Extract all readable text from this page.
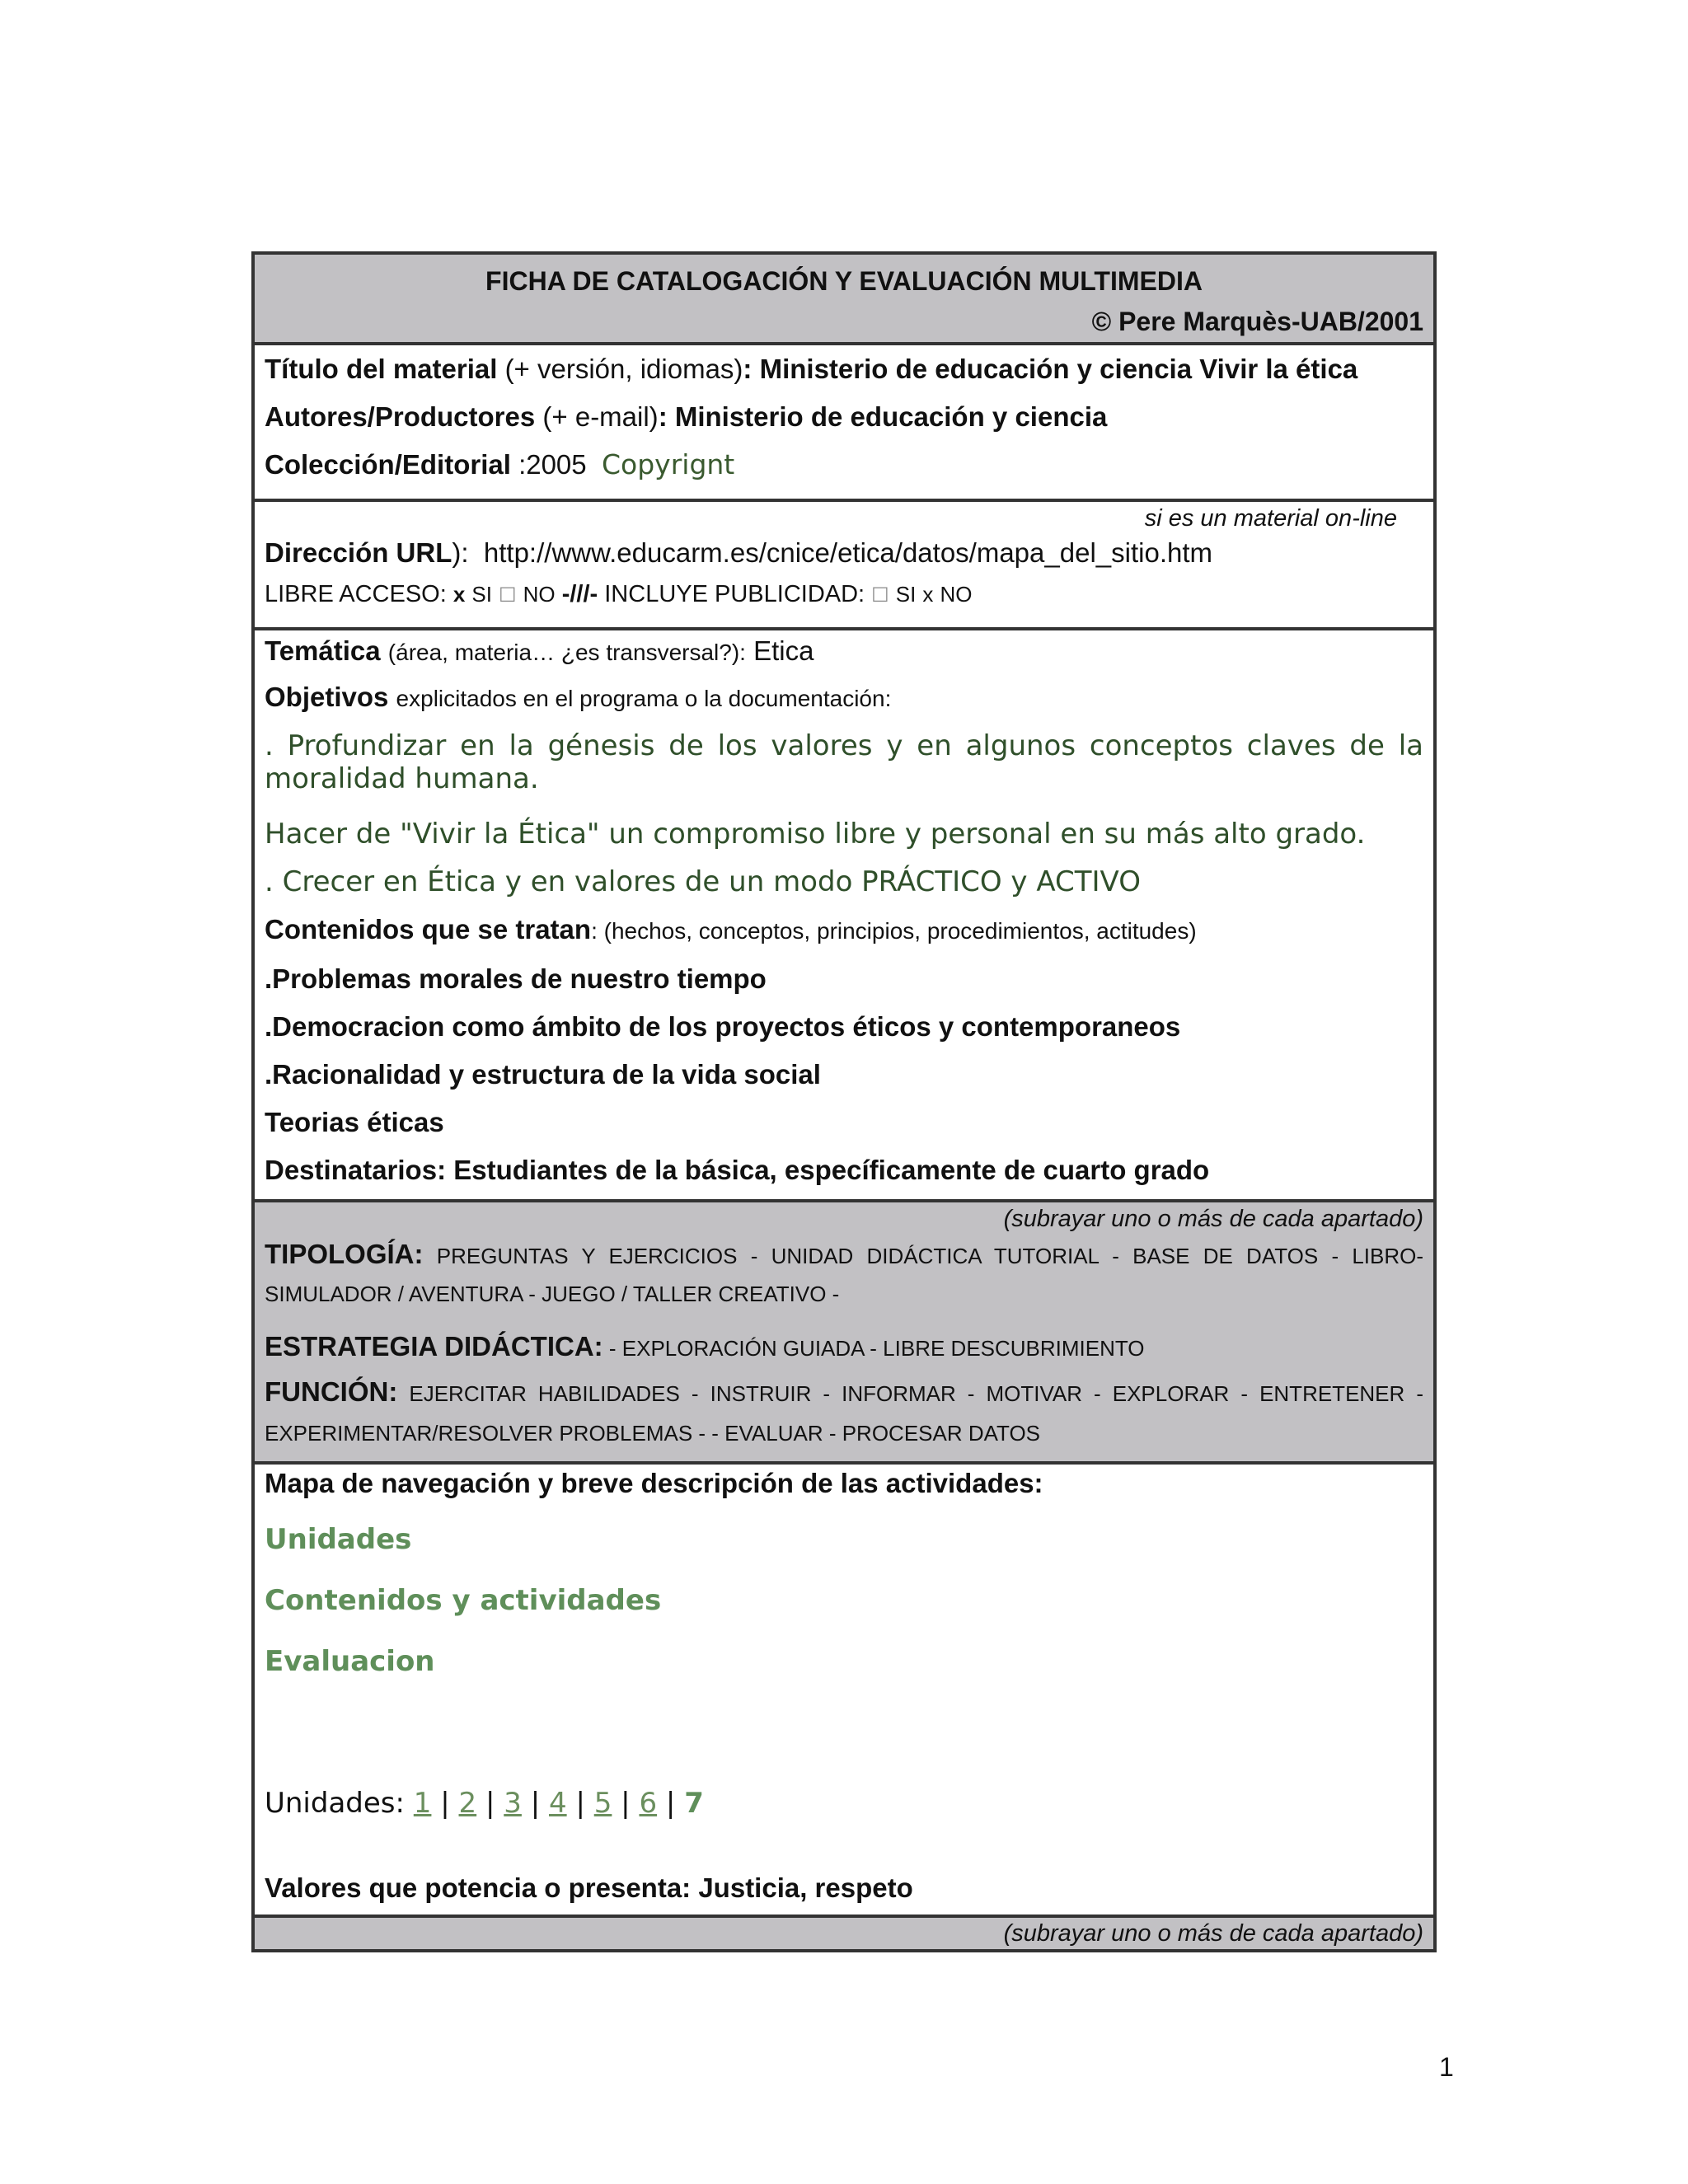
FICHA DE CATALOGACIÓN Y EVALUACIÓN MULTIMEDIA
© Pere Marquès-UAB/2001
Título del material (+ versión, idiomas): Ministerio de educación y ciencia Vivir la ética
Autores/Productores (+ e-mail): Ministerio de educación y ciencia
Colección/Editorial :2005 Copyrignt
si es un material on-line
Dirección URL): http://www.educarm.es/cnice/etica/datos/mapa_del_sitio.htm
LIBRE ACCESO: x SI ☐ NO -///- INCLUYE PUBLICIDAD: ☐ SI x NO
Temática (área, materia… ¿es transversal?): Etica
Objetivos explicitados en el programa o la documentación:
. Profundizar en la génesis de los valores y en algunos conceptos claves de la moralidad humana.
Hacer de "Vivir la Ética" un compromiso libre y personal en su más alto grado.
. Crecer en Ética y en valores de un modo PRÁCTICO y ACTIVO
Contenidos que se tratan: (hechos, conceptos, principios, procedimientos, actitudes)
.Problemas morales de nuestro tiempo
.Democracion como ámbito de los proyectos éticos y contemporaneos
.Racionalidad y estructura de la vida social
Teorias éticas
Destinatarios: Estudiantes de la básica, específicamente de cuarto grado
(subrayar uno o más de cada apartado)
TIPOLOGÍA: PREGUNTAS Y EJERCICIOS - UNIDAD DIDÁCTICA TUTORIAL - BASE DE DATOS - LIBRO-SIMULADOR / AVENTURA - JUEGO / TALLER CREATIVO -
ESTRATEGIA DIDÁCTICA: - EXPLORACIÓN GUIADA - LIBRE DESCUBRIMIENTO
FUNCIÓN: EJERCITAR HABILIDADES - INSTRUIR - INFORMAR - MOTIVAR - EXPLORAR - ENTRETENER - EXPERIMENTAR/RESOLVER PROBLEMAS - - EVALUAR - PROCESAR DATOS
Mapa de navegación y breve descripción de las actividades:
Unidades
Contenidos y actividades
Evaluacion
Unidades: 1 | 2 | 3 | 4 | 5 | 6 | 7
Valores que potencia o presenta: Justicia, respeto
(subrayar uno o más de cada apartado)
1
